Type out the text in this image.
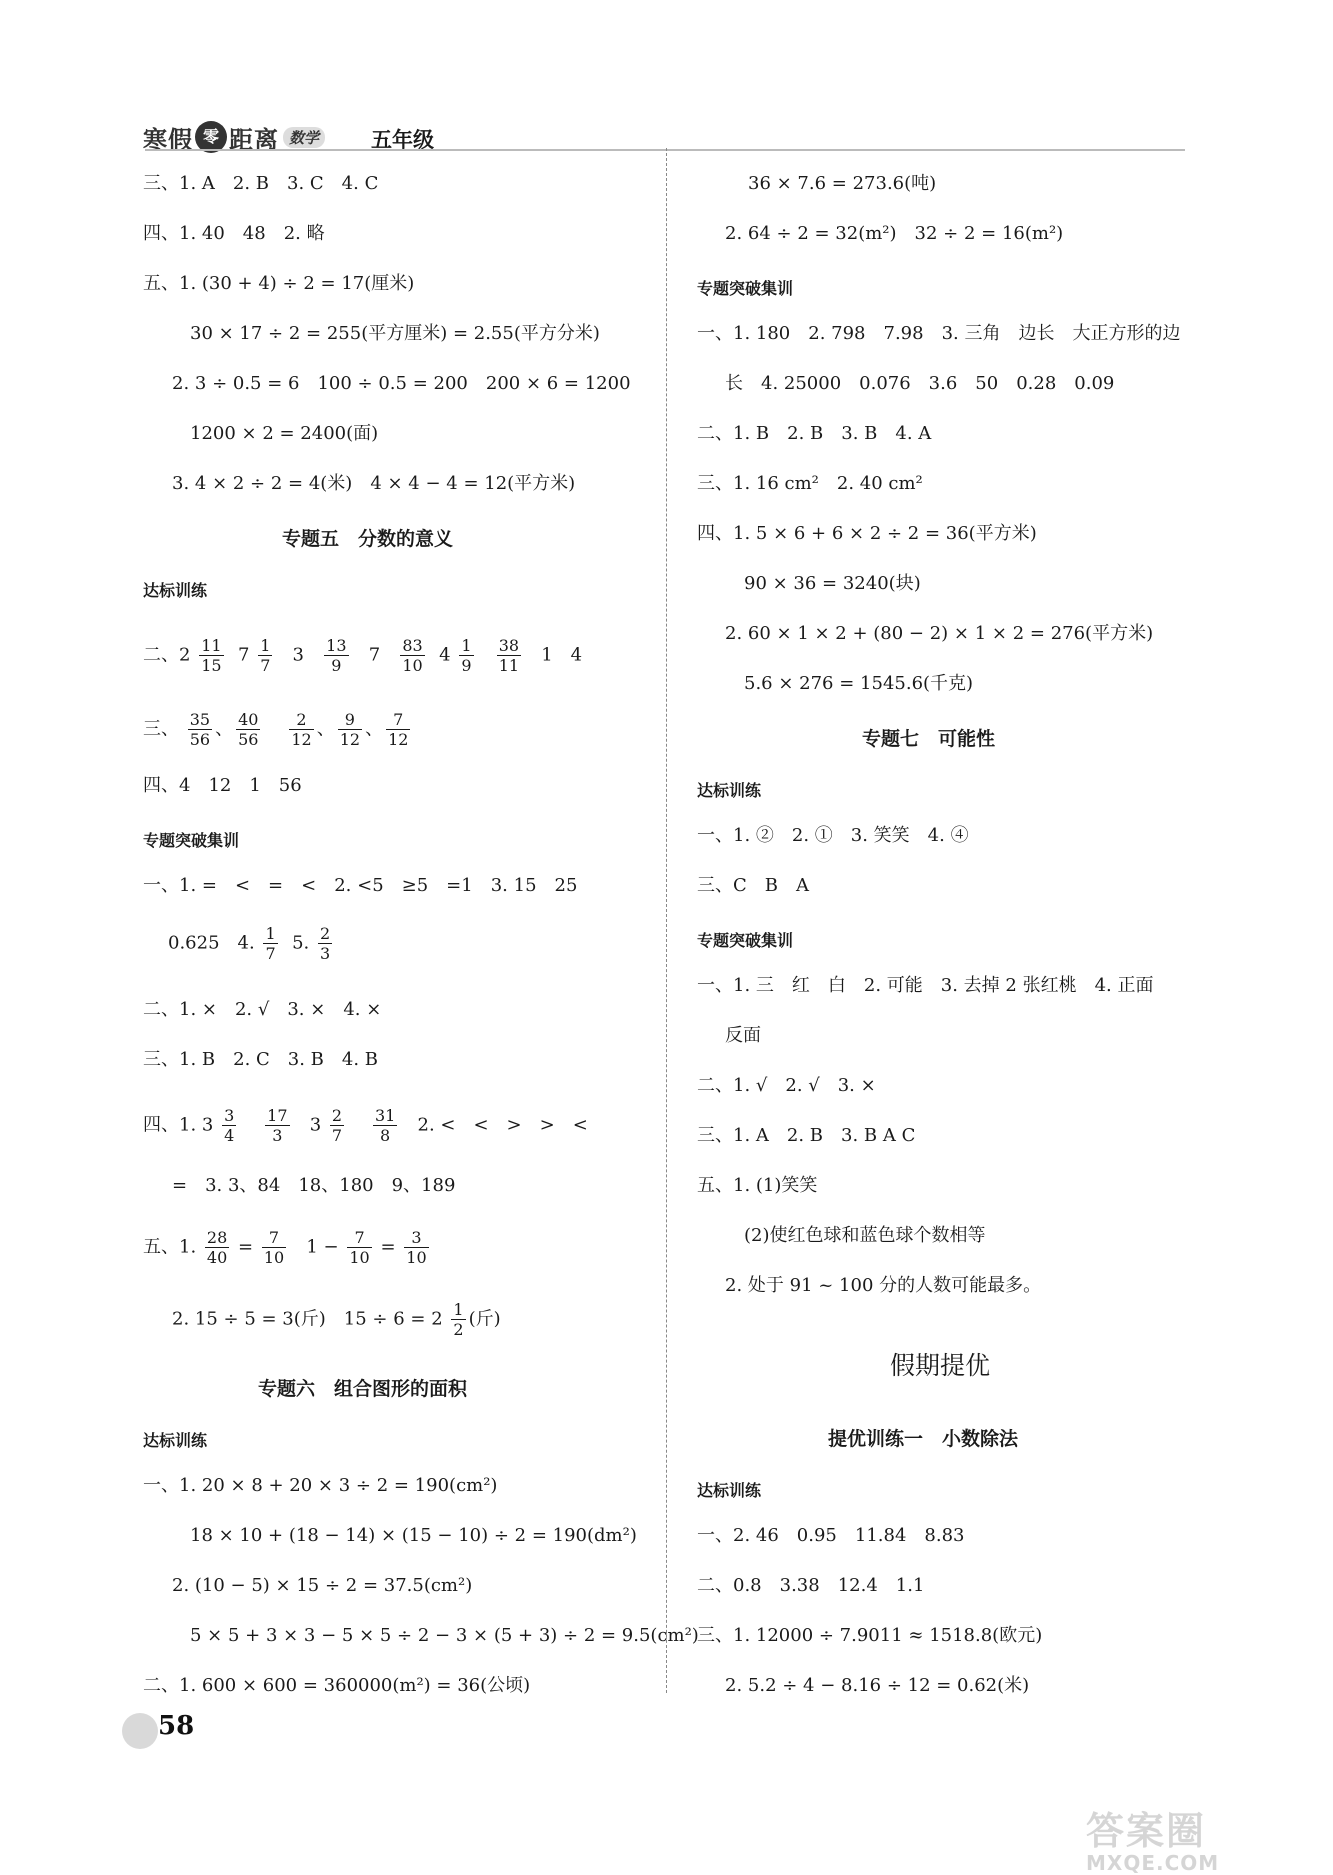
寒假 零 距离 数学 五年级
三、1. A　2. B　3. C　4. C
四、1. 40　48　2. 略
五、1. (30 + 4) ÷ 2 = 17(厘米)
30 × 17 ÷ 2 = 255(平方厘米) = 2.55(平方分米)
2. 3 ÷ 0.5 = 6　100 ÷ 0.5 = 200　200 × 6 = 1200
1200 × 2 = 2400(面)
3. 4 × 2 ÷ 2 = 4(米)　4 × 4 − 4 = 12(平方米)
专题五　分数的意义
达标训练
二、$2 \frac{11}{15} 7 \frac{1}{7} 3 \frac{13}{9} 7 \frac{83}{10} 4 \frac{1}{9}$
$\frac{38}{11} 1$　4
三、 $\frac{35}{56}$ 、 $\frac{40}{56}$
$\frac{2}{12}$ 、 $\frac{9}{12}$ 、 $\frac{7}{12}$
四、4　12　1　56
专题突破集训
一、1. =　<　=　<　2. <5　≥5　=1　3. 15　25
0.625　4. $\frac{1}{7} 5$. $\frac{2}{3}$
二、1. ×　2. √　3. ×　4. ×
三、1. B　2. C　3. B　4. B
四、1. $3 \frac{3}{4}$
$\frac{17}{3} 3 \frac{2}{7}$
$\frac{31}{8} 2$. <　<　>　>　<
=　3. 3、84　18、180　9、189
五、1. $\frac{28}{40} = \frac{7}{10} 1 - \frac{7}{10} = \frac{3}{10}$
2. 15 ÷ 5 = 3(斤)　$15 \div 6 = 2 \frac{1}{2}$ (斤)
专题六　组合图形的面积
达标训练
一、1. 20 × 8 + 20 × 3 ÷ 2 = 190(cm²)
18 × 10 + (18 − 14) × (15 − 10) ÷ 2 = 190(dm²)
2. (10 − 5) × 15 ÷ 2 = 37.5(cm²)
5 × 5 + 3 × 3 − 5 × 5 ÷ 2 − 3 × (5 + 3) ÷ 2 = 9.5(cm²)
二、1. 600 × 600 = 360000(m²) = 36(公顷)
36 × 7.6 = 273.6(吨)
2. 64 ÷ 2 = 32(m²)　32 ÷ 2 = 16(m²)
专题突破集训
一、1. 180　2. 798　7.98　3. 三角　边长　大正方形的边
长　4. 25000　0.076　3.6　50　0.28　0.09
二、1. B　2. B　3. B　4. A
三、1. 16 cm²　2. 40 cm²
四、1. 5 × 6 + 6 × 2 ÷ 2 = 36(平方米)
90 × 36 = 3240(块)
2. 60 × 1 × 2 + (80 − 2) × 1 × 2 = 276(平方米)
5.6 × 276 = 1545.6(千克)
专题七　可能性
达标训练
一、1. ②　2. ①　3. 笑笑　4. ④
三、C　B　A
专题突破集训
一、1. 三　红　白　2. 可能　3. 去掉 2 张红桃　4. 正面
反面
二、1. √　2. √　3. ×
三、1. A　2. B　3. B A C
五、1. (1)笑笑
(2)使红色球和蓝色球个数相等
2. 处于 91 ~ 100 分的人数可能最多。
假期提优
提优训练一　小数除法
达标训练
一、2. 46　0.95　11.84　8.83
二、0.8　3.38　12.4　1.1
三、1. 12000 ÷ 7.9011 ≈ 1518.8(欧元)
2. 5.2 ÷ 4 − 8.16 ÷ 12 = 0.62(米)
58
答案圈
MXQE.COM
